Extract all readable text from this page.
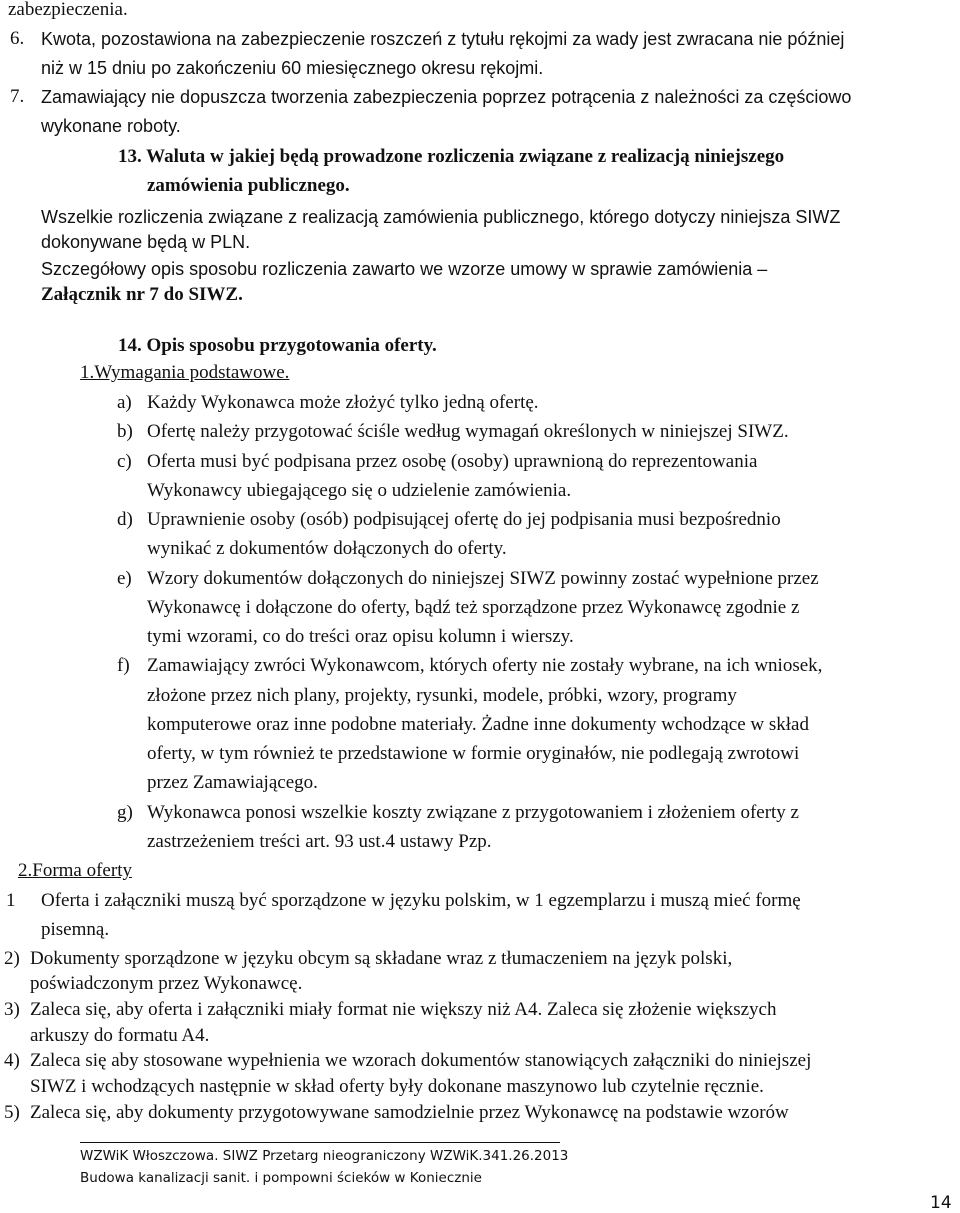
zabezpieczenia.
6. Kwota, pozostawiona na zabezpieczenie roszczeń z tytułu rękojmi za wady jest zwracana nie później
niż w 15 dniu po zakończeniu 60 miesięcznego okresu rękojmi.
7. Zamawiający nie dopuszcza tworzenia zabezpieczenia poprzez potrącenia z należności za częściowo
wykonane roboty.
13. Waluta w jakiej będą prowadzone rozliczenia związane z realizacją niniejszego
zamówienia publicznego.
Wszelkie rozliczenia związane z realizacją zamówienia publicznego, którego dotyczy niniejsza SIWZ
dokonywane będą w PLN.
Szczegółowy opis sposobu rozliczenia zawarto we wzorze umowy w sprawie zamówienia –
Załącznik nr 7 do SIWZ.
14. Opis sposobu przygotowania oferty.
1.Wymagania podstawowe.
a) Każdy Wykonawca może złożyć tylko jedną ofertę.
b) Ofertę należy przygotować ściśle według wymagań określonych w niniejszej SIWZ.
c) Oferta musi być podpisana przez osobę (osoby) uprawnioną do reprezentowania
Wykonawcy ubiegającego się o udzielenie zamówienia.
d) Uprawnienie osoby (osób) podpisującej ofertę do jej podpisania musi bezpośrednio
wynikać z dokumentów dołączonych do oferty.
e) Wzory dokumentów dołączonych do niniejszej SIWZ powinny zostać wypełnione przez
Wykonawcę i dołączone do oferty, bądź też sporządzone przez Wykonawcę zgodnie z
tymi wzorami, co do treści oraz opisu kolumn i wierszy.
f) Zamawiający zwróci Wykonawcom, których oferty nie zostały wybrane, na ich wniosek,
złożone przez nich plany, projekty, rysunki, modele, próbki, wzory, programy
komputerowe oraz inne podobne materiały. Żadne inne dokumenty wchodzące w skład
oferty, w tym również te przedstawione w formie oryginałów, nie podlegają zwrotowi
przez Zamawiającego.
g) Wykonawca ponosi wszelkie koszty związane z przygotowaniem i złożeniem oferty z
zastrzeżeniem treści art. 93 ust.4 ustawy Pzp.
2.Forma oferty
1 Oferta i załączniki muszą być sporządzone w języku polskim, w 1 egzemplarzu i muszą mieć formę
pisemną.
2) Dokumenty sporządzone w języku obcym są składane wraz z tłumaczeniem na język polski,
poświadczonym przez Wykonawcę.
3) Zaleca się, aby oferta i załączniki miały format nie większy niż A4. Zaleca się złożenie większych
arkuszy do formatu A4.
4) Zaleca się aby stosowane wypełnienia we wzorach dokumentów stanowiących załączniki do niniejszej
SIWZ i wchodzących następnie w skład oferty były dokonane maszynowo lub czytelnie ręcznie.
5) Zaleca się, aby dokumenty przygotowywane samodzielnie przez Wykonawcę na podstawie wzorów
WZWiK Włoszczowa. SIWZ Przetarg nieograniczony WZWiK.341.26.2013
Budowa kanalizacji sanit. i pompowni ścieków w Koniecznie
14
